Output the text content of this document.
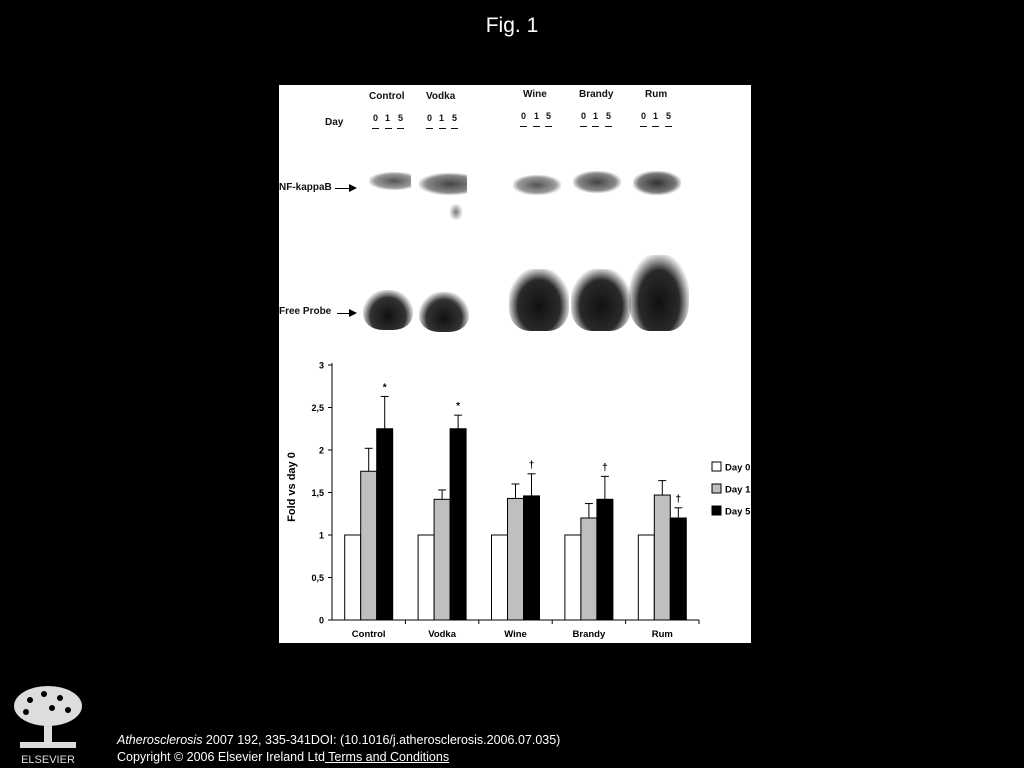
Fig. 1
Day
Control Vodka	Wine	Brandy	Rum
0 1 5 0 1 5	0 1 5	0 1 5	0 1 5
NF-kappaB
Free Probe
Fold vs day 0
0
0,5
1
1,5
2
2,5
3
Control	Vodka	Wine	Brandy	Rum
*
*
†	†
†
Day 0
Day 1
Day 5
ELSEVIER
Atherosclerosis 2007 192, 335-341DOI: (10.1016/j.atherosclerosis.2006.07.035)
Copyright © 2006 Elsevier Ireland Ltd Terms and Conditions
